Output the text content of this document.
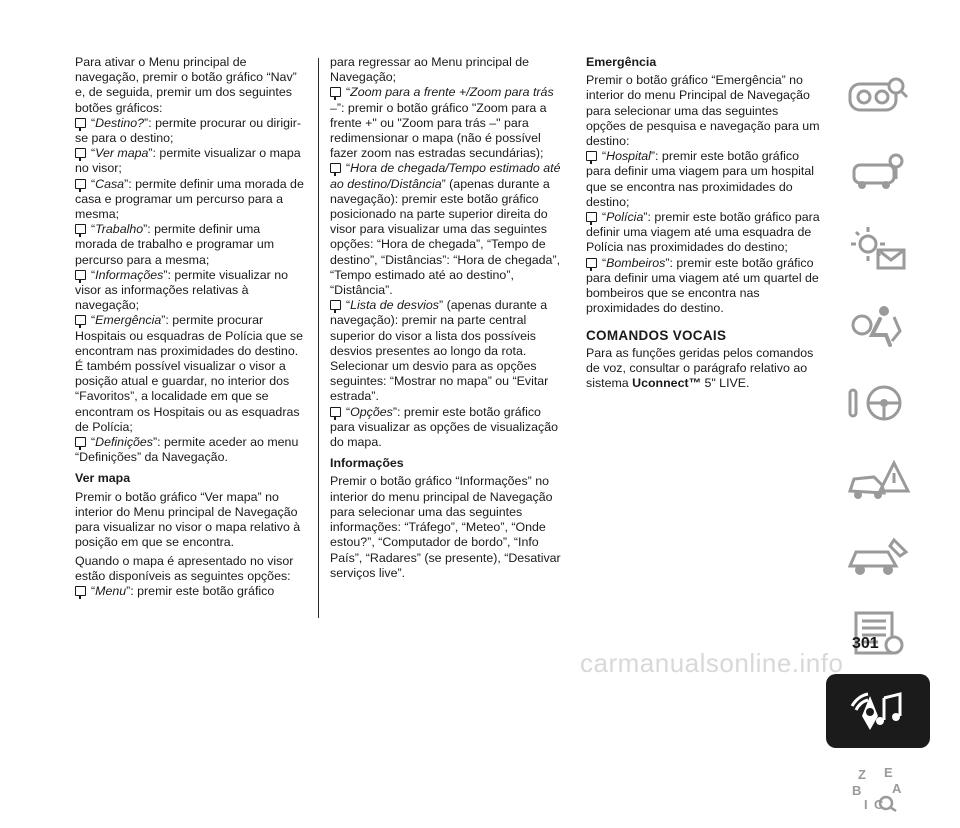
Para ativar o Menu principal de navegação, premir o botão gráfico “Nav” e, de seguida, premir um dos seguintes botões gráficos:

“Destino?”: permite procurar ou dirigir-se para o destino;

“Ver mapa”: permite visualizar o mapa no visor;

“Casa”: permite definir uma morada de casa e programar um percurso para a mesma;

“Trabalho”: permite definir uma morada de trabalho e programar um percurso para a mesma;

“Informações”: permite visualizar no visor as informações relativas à navegação;

“Emergência”: permite procurar Hospitais ou esquadras de Polícia que se encontram nas proximidades do destino. É também possível visualizar o visor a posição atual e guardar, no interior dos “Favoritos”, a localidade em que se encontram os Hospitais ou as esquadras de Polícia;

“Definições”: permite aceder ao menu “Definições” da Navegação.

Ver mapa

Premir o botão gráfico “Ver mapa” no interior do Menu principal de Navegação para visualizar no visor o mapa relativo à posição em que se encontra.

Quando o mapa é apresentado no visor estão disponíveis as seguintes opções:

“Menu”: premir este botão gráfico

para regressar ao Menu principal de Navegação;

“Zoom para a frente +/Zoom para trás –”: premir o botão gráfico "Zoom para a frente +" ou "Zoom para trás –" para redimensionar o mapa (não é possível fazer zoom nas estradas secundárias);

“Hora de chegada/Tempo estimado até ao destino/Distância” (apenas durante a navegação): premir este botão gráfico posicionado na parte superior direita do visor para visualizar uma das seguintes opções: “Hora de chegada”, “Tempo de destino”, “Distâncias”: “Hora de chegada”, “Tempo estimado até ao destino”, “Distância”.

“Lista de desvios” (apenas durante a navegação): premir na parte central superior do visor a lista dos possíveis desvios presentes ao longo da rota. Selecionar um desvio para as opções seguintes: “Mostrar no mapa” ou “Evitar estrada”.

“Opções”: premir este botão gráfico para visualizar as opções de visualização do mapa.

Informações

Premir o botão gráfico “Informações” no interior do menu principal de Navegação para selecionar uma das seguintes informações: “Tráfego”, “Meteo”, “Onde estou?”, “Computador de bordo”, “Info País”, “Radares” (se presente), “Desativar serviços live”.

Emergência

Premir o botão gráfico “Emergência” no interior do menu Principal de Navegação para selecionar uma das seguintes opções de pesquisa e navegação para um destino:

“Hospital”: premir este botão gráfico para definir uma viagem para um hospital que se encontra nas proximidades do destino;

“Polícia”: premir este botão gráfico para definir uma viagem até uma esquadra de Polícia nas proximidades do destino;

“Bombeiros”: premir este botão gráfico para definir uma viagem até um quartel de bombeiros que se encontra nas proximidades do destino.

COMANDOS VOCAIS

Para as funções geridas pelos comandos de voz, consultar o parágrafo relativo ao sistema Uconnect™ 5" LIVE.

Z E
B A
I C
301
carmanualsonline.info
